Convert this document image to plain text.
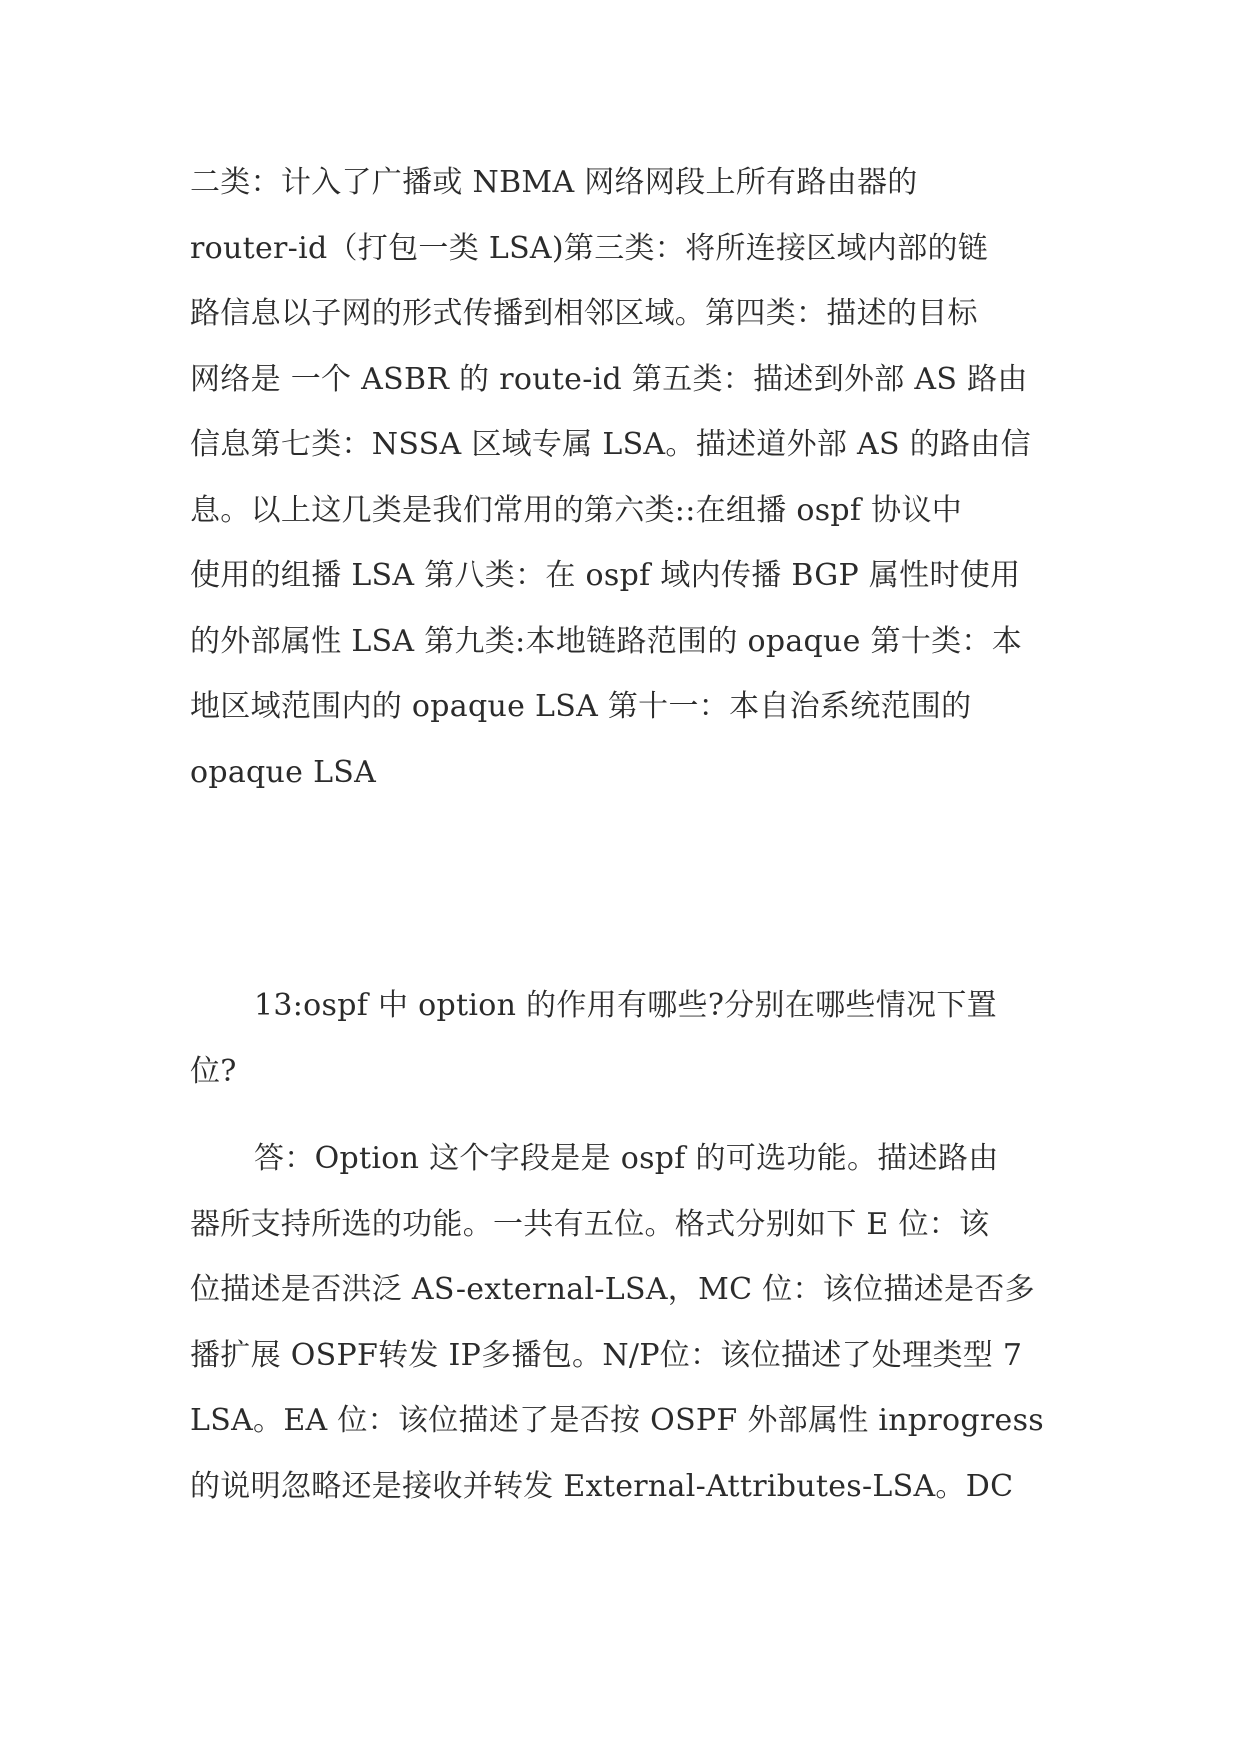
二类：计入了广播或 NBMA 网络网段上所有路由器的
router-id（打包一类 LSA)第三类：将所连接区域内部的链
路信息以子网的形式传播到相邻区域。第四类：描述的目标
网络是 一个 ASBR 的 route-id 第五类：描述到外部 AS 路由
信息第七类：NSSA 区域专属 LSA。描述道外部 AS 的路由信
息。以上这几类是我们常用的第六类::在组播 ospf 协议中
使用的组播 LSA 第八类：在 ospf 域内传播 BGP 属性时使用
的外部属性 LSA 第九类:本地链路范围的 opaque 第十类：本
地区域范围内的 opaque LSA 第十一：本自治系统范围的
opaque LSA

13:ospf 中 option 的作用有哪些?分别在哪些情况下置
位?

答：Option 这个字段是是 ospf 的可选功能。描述路由
器所支持所选的功能。一共有五位。格式分别如下 E 位：该
位描述是否洪泛 AS-external-LSA，MC 位：该位描述是否多
播扩展 OSPF转发 IP多播包。N/P位：该位描述了处理类型 7
LSA。EA 位：该位描述了是否按 OSPF 外部属性 inprogress
的说明忽略还是接收并转发 External-Attributes-LSA。DC
